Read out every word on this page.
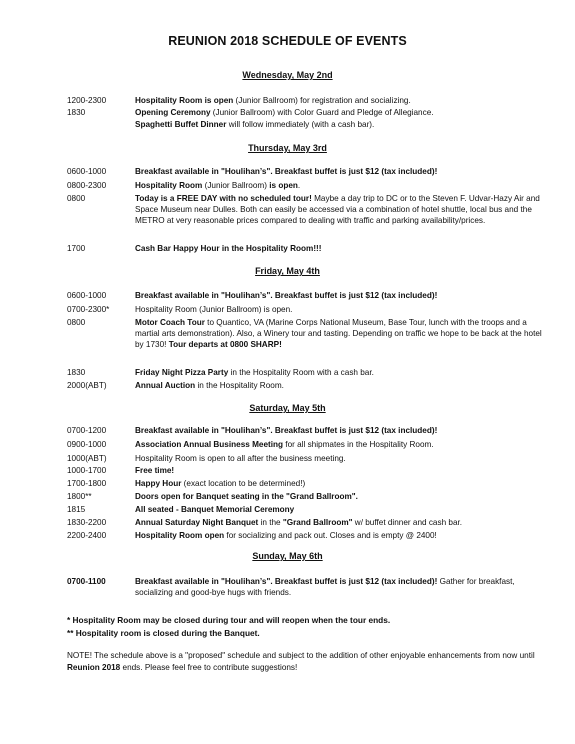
REUNION 2018 SCHEDULE OF EVENTS
Wednesday, May 2nd
1200-2300	Hospitality Room is open (Junior Ballroom) for registration and socializing.
1830	Opening Ceremony (Junior Ballroom) with Color Guard and Pledge of Allegiance.
Spaghetti Buffet Dinner will follow immediately (with a cash bar).
Thursday, May 3rd
0600-1000	Breakfast available in "Houlihan’s". Breakfast buffet is just $12 (tax included)!
0800-2300	Hospitality Room (Junior Ballroom) is open.
0800	Today is a FREE DAY with no scheduled tour! Maybe a day trip to DC or to the Steven F. Udvar-Hazy Air and Space Museum near Dulles. Both can easily be accessed via a combination of hotel shuttle, local bus and the METRO at very reasonable prices compared to dealing with traffic and parking availability/prices.
1700	Cash Bar Happy Hour in the Hospitality Room!!!
Friday, May 4th
0600-1000	Breakfast available in "Houlihan’s". Breakfast buffet is just $12 (tax included)!
0700-2300*	Hospitality Room (Junior Ballroom) is open.
0800	Motor Coach Tour to Quantico, VA (Marine Corps National Museum, Base Tour, lunch with the troops and a martial arts demonstration). Also, a Winery tour and tasting. Depending on traffic we hope to be back at the hotel by 1730! Tour departs at 0800 SHARP!
1830	Friday Night Pizza Party in the Hospitality Room with a cash bar.
2000(ABT)	Annual Auction in the Hospitality Room.
Saturday, May 5th
0700-1200	Breakfast available in "Houlihan’s". Breakfast buffet is just $12 (tax included)!
0900-1000	Association Annual Business Meeting for all shipmates in the Hospitality Room.
1000(ABT)	Hospitality Room is open to all after the business meeting.
1000-1700	Free time!
1700-1800	Happy Hour (exact location to be determined!)
1800**	Doors open for Banquet seating in the "Grand Ballroom".
1815	All seated - Banquet Memorial Ceremony
1830-2200	Annual Saturday Night Banquet in the "Grand Ballroom" w/ buffet dinner and cash bar.
2200-2400	Hospitality Room open for socializing and pack out. Closes and is empty @ 2400!
Sunday, May 6th
0700-1100	Breakfast available in "Houlihan’s". Breakfast buffet is just $12 (tax included)! Gather for breakfast, socializing and good-bye hugs with friends.
* Hospitality Room may be closed during tour and will reopen when the tour ends.
** Hospitality room is closed during the Banquet.
NOTE! The schedule above is a "proposed" schedule and subject to the addition of other enjoyable enhancements from now until Reunion 2018 ends. Please feel free to contribute suggestions!
